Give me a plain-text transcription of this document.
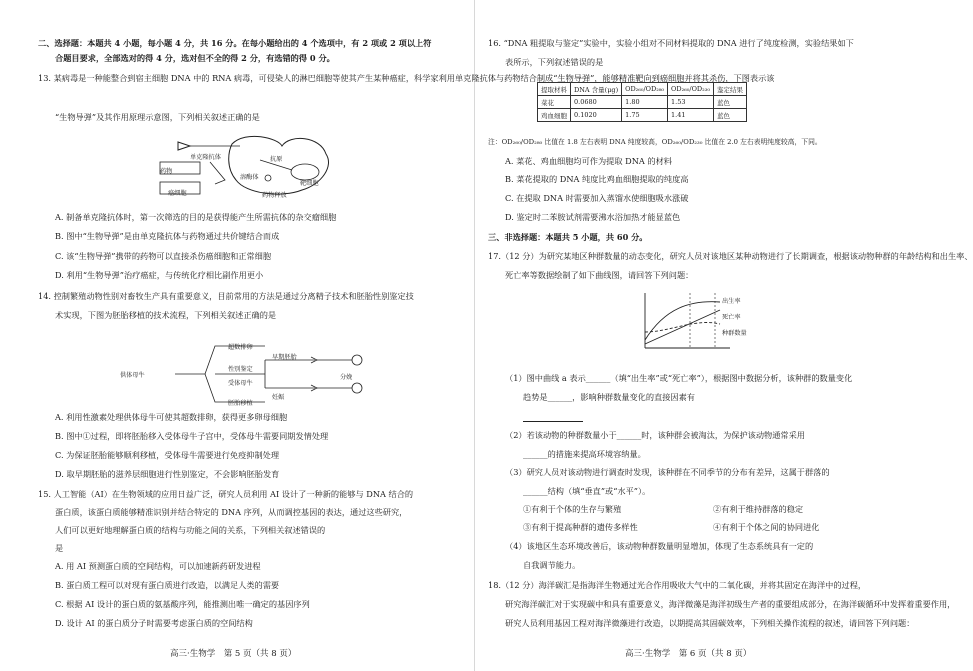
二、选择题：本题共 4 小题，每小题 4 分，共 16 分。在每小题给出的 4 个选项中，有 2 项或 2 项以上符
合题目要求，全部选对的得 4 分，选对但不全的得 2 分，有选错的得 0 分。
13. 某病毒是一种能整合到宿主细胞 DNA 中的 RNA 病毒，可侵染人的淋巴细胞等使其产生某种癌症，科学家利用单克隆抗体与药物结合制成“生物导弹”，能够精准靶向到癌细胞并将其杀伤，下图表示该
“生物导弹”及其作用原理示意图，下列相关叙述正确的是
单克隆抗体	抗原
药物
溶酶体
靶细胞
癌细胞	药物释放
A. 制备单克隆抗体时，第一次筛选的目的是获得能产生所需抗体的杂交瘤细胞
B. 图中“生物导弹”是由单克隆抗体与药物通过共价键结合而成
C. 该“生物导弹”携带的药物可以直接杀伤癌细胞和正常细胞
D. 利用“生物导弹”治疗癌症，与传统化疗相比副作用更小
14. 控制繁殖动物性别对畜牧生产具有重要意义，目前常用的方法是通过分离精子技术和胚胎性别鉴定技
术实现，下图为胚胎移植的技术流程，下列相关叙述正确的是
供体母牛
超数排卵
性别鉴定
受体母牛
胚胎移植
早期胚胎
妊娠
分娩
A. 利用性激素处理供体母牛可使其超数排卵，获得更多卵母细胞
B. 图中①过程，即将胚胎移入受体母牛子宫中，受体母牛需要同期发情处理
C. 为保证胚胎能够顺利移植，受体母牛需要进行免疫抑制处理
D. 取早期胚胎的滋养层细胞进行性别鉴定，不会影响胚胎发育
15. 人工智能（AI）在生物领域的应用日益广泛，研究人员利用 AI 设计了一种新的能够与 DNA 结合的
蛋白质，该蛋白质能够精准识别并结合特定的 DNA 序列，从而调控基因的表达，通过这些研究，
人们可以更好地理解蛋白质的结构与功能之间的关系，下列相关叙述错误的
是
A. 用 AI 预测蛋白质的空间结构，可以加速新药研发进程
B. 蛋白质工程可以对现有蛋白质进行改造，以满足人类的需要
C. 根据 AI 设计的蛋白质的氨基酸序列，能推测出唯一确定的基因序列
D. 设计 AI 的蛋白质分子时需要考虑蛋白质的空间结构
高三·生物学　第 5 页（共 8 页）
16. “DNA 粗提取与鉴定”实验中，实验小组对不同材料提取的 DNA 进行了纯度检测，实验结果如下
表所示，下列叙述错误的是
提取材料	DNA 含量(μg)	OD₂₆₀/OD₂₈₀	OD₂₆₀/OD₂₃₀	鉴定结果
菜花	0.0680	1.80	1.53	蓝色
鸡血细胞	0.1020	1.75	1.41	蓝色
注：OD₂₆₀/OD₂₈₀ 比值在 1.8 左右表明 DNA 纯度较高，OD₂₆₀/OD₂₃₀ 比值在 2.0 左右表明纯度较高，下同。
A. 菜花、鸡血细胞均可作为提取 DNA 的材料
B. 菜花提取的 DNA 纯度比鸡血细胞提取的纯度高
C. 在提取 DNA 时需要加入蒸馏水使细胞吸水涨破
D. 鉴定时二苯胺试剂需要沸水浴加热才能显蓝色
三、非选择题：本题共 5 小题，共 60 分。
17.（12 分）为研究某地区种群数量的动态变化，研究人员对该地区某种动物进行了长期调查，根据该动物种群的年龄结构和出生率、
死亡率等数据绘制了如下曲线图，请回答下列问题：
出生率
死亡率
种群数量
（1）图中曲线 a 表示______（填“出生率”或“死亡率”），根据图中数据分析，该种群的数量变化
趋势是______，影响种群数量变化的直接因素有
（2）若该动物的种群数量小于______时，该种群会被淘汰，为保护该动物通常采用
______的措施来提高环境容纳量。
（3）研究人员对该动物进行调查时发现，该种群在不同季节的分布有差异，这属于群落的
______结构（填“垂直”或“水平”）。
①有利于个体的生存与繁殖	②有利于维持群落的稳定
③有利于提高种群的遗传多样性	④有利于个体之间的协同进化
（4）该地区生态环境改善后，该动物种群数量明显增加，体现了生态系统具有一定的
自我调节能力。
18.（12 分）海洋碳汇是指海洋生物通过光合作用吸收大气中的二氧化碳，并将其固定在海洋中的过程，
研究海洋碳汇对于实现碳中和具有重要意义，海洋微藻是海洋初级生产者的重要组成部分，在海洋碳循环中发挥着重要作用，
研究人员利用基因工程对海洋微藻进行改造，以期提高其固碳效率，下列相关操作流程的叙述，请回答下列问题：
高三·生物学　第 6 页（共 8 页）
